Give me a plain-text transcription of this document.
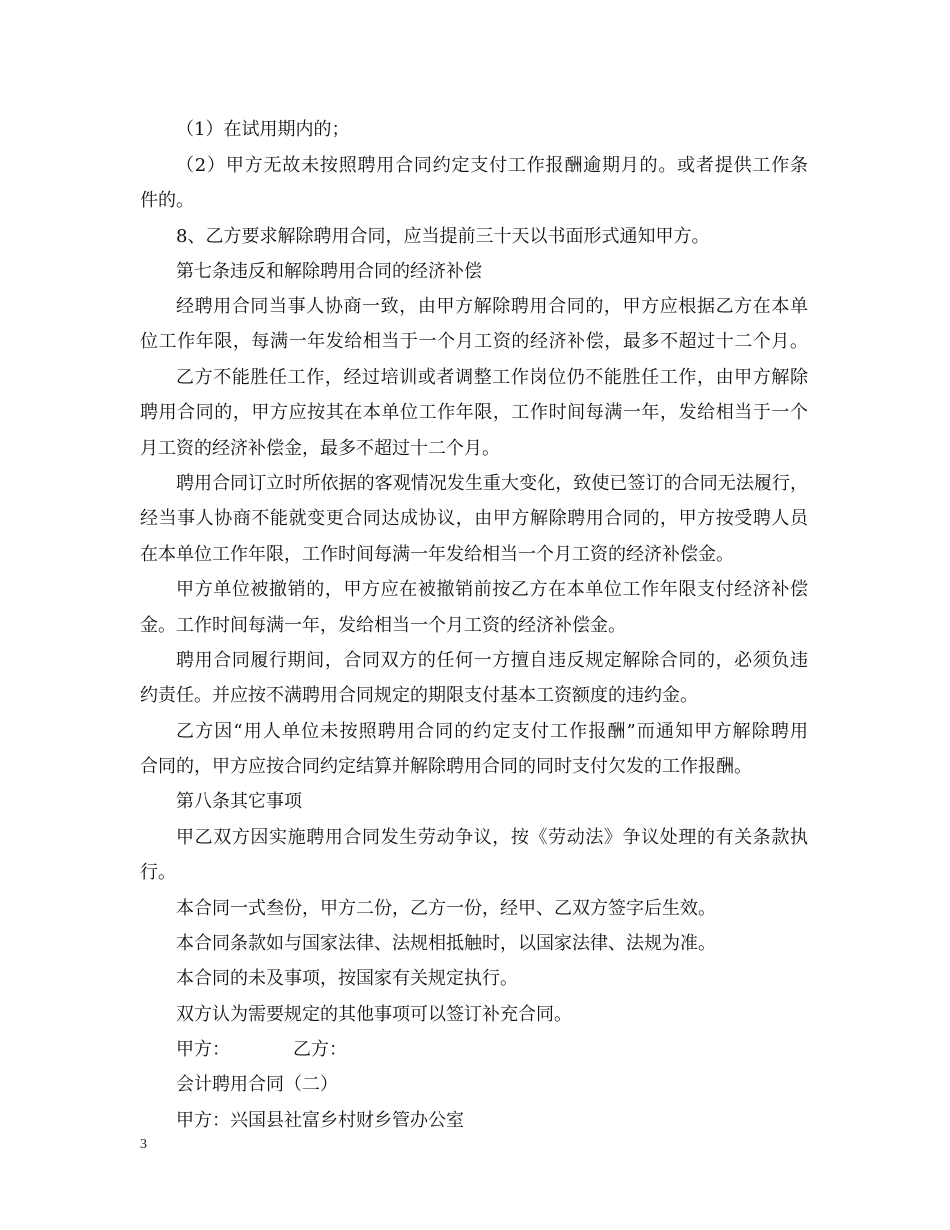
（1）在试用期内的；
（2）甲方无故未按照聘用合同约定支付工作报酬逾期月的。或者提供工作条
件的。
8、乙方要求解除聘用合同，应当提前三十天以书面形式通知甲方。
第七条违反和解除聘用合同的经济补偿
经聘用合同当事人协商一致，由甲方解除聘用合同的，甲方应根据乙方在本单
位工作年限，每满一年发给相当于一个月工资的经济补偿，最多不超过十二个月。
乙方不能胜任工作，经过培训或者调整工作岗位仍不能胜任工作，由甲方解除
聘用合同的，甲方应按其在本单位工作年限，工作时间每满一年，发给相当于一个
月工资的经济补偿金，最多不超过十二个月。
聘用合同订立时所依据的客观情况发生重大变化，致使已签订的合同无法履行，
经当事人协商不能就变更合同达成协议，由甲方解除聘用合同的，甲方按受聘人员
在本单位工作年限，工作时间每满一年发给相当一个月工资的经济补偿金。
甲方单位被撤销的，甲方应在被撤销前按乙方在本单位工作年限支付经济补偿
金。工作时间每满一年，发给相当一个月工资的经济补偿金。
聘用合同履行期间，合同双方的任何一方擅自违反规定解除合同的，必须负违
约责任。并应按不满聘用合同规定的期限支付基本工资额度的违约金。
乙方因“用人单位未按照聘用合同的约定支付工作报酬”而通知甲方解除聘用
合同的，甲方应按合同约定结算并解除聘用合同的同时支付欠发的工作报酬。
第八条其它事项
甲乙双方因实施聘用合同发生劳动争议，按《劳动法》争议处理的有关条款执
行。
本合同一式叁份，甲方二份，乙方一份，经甲、乙双方签字后生效。
本合同条款如与国家法律、法规相抵触时，以国家法律、法规为准。
本合同的未及事项，按国家有关规定执行。
双方认为需要规定的其他事项可以签订补充合同。
甲方：　　　　乙方：
会计聘用合同（二）
甲方：兴国县社富乡村财乡管办公室
3
